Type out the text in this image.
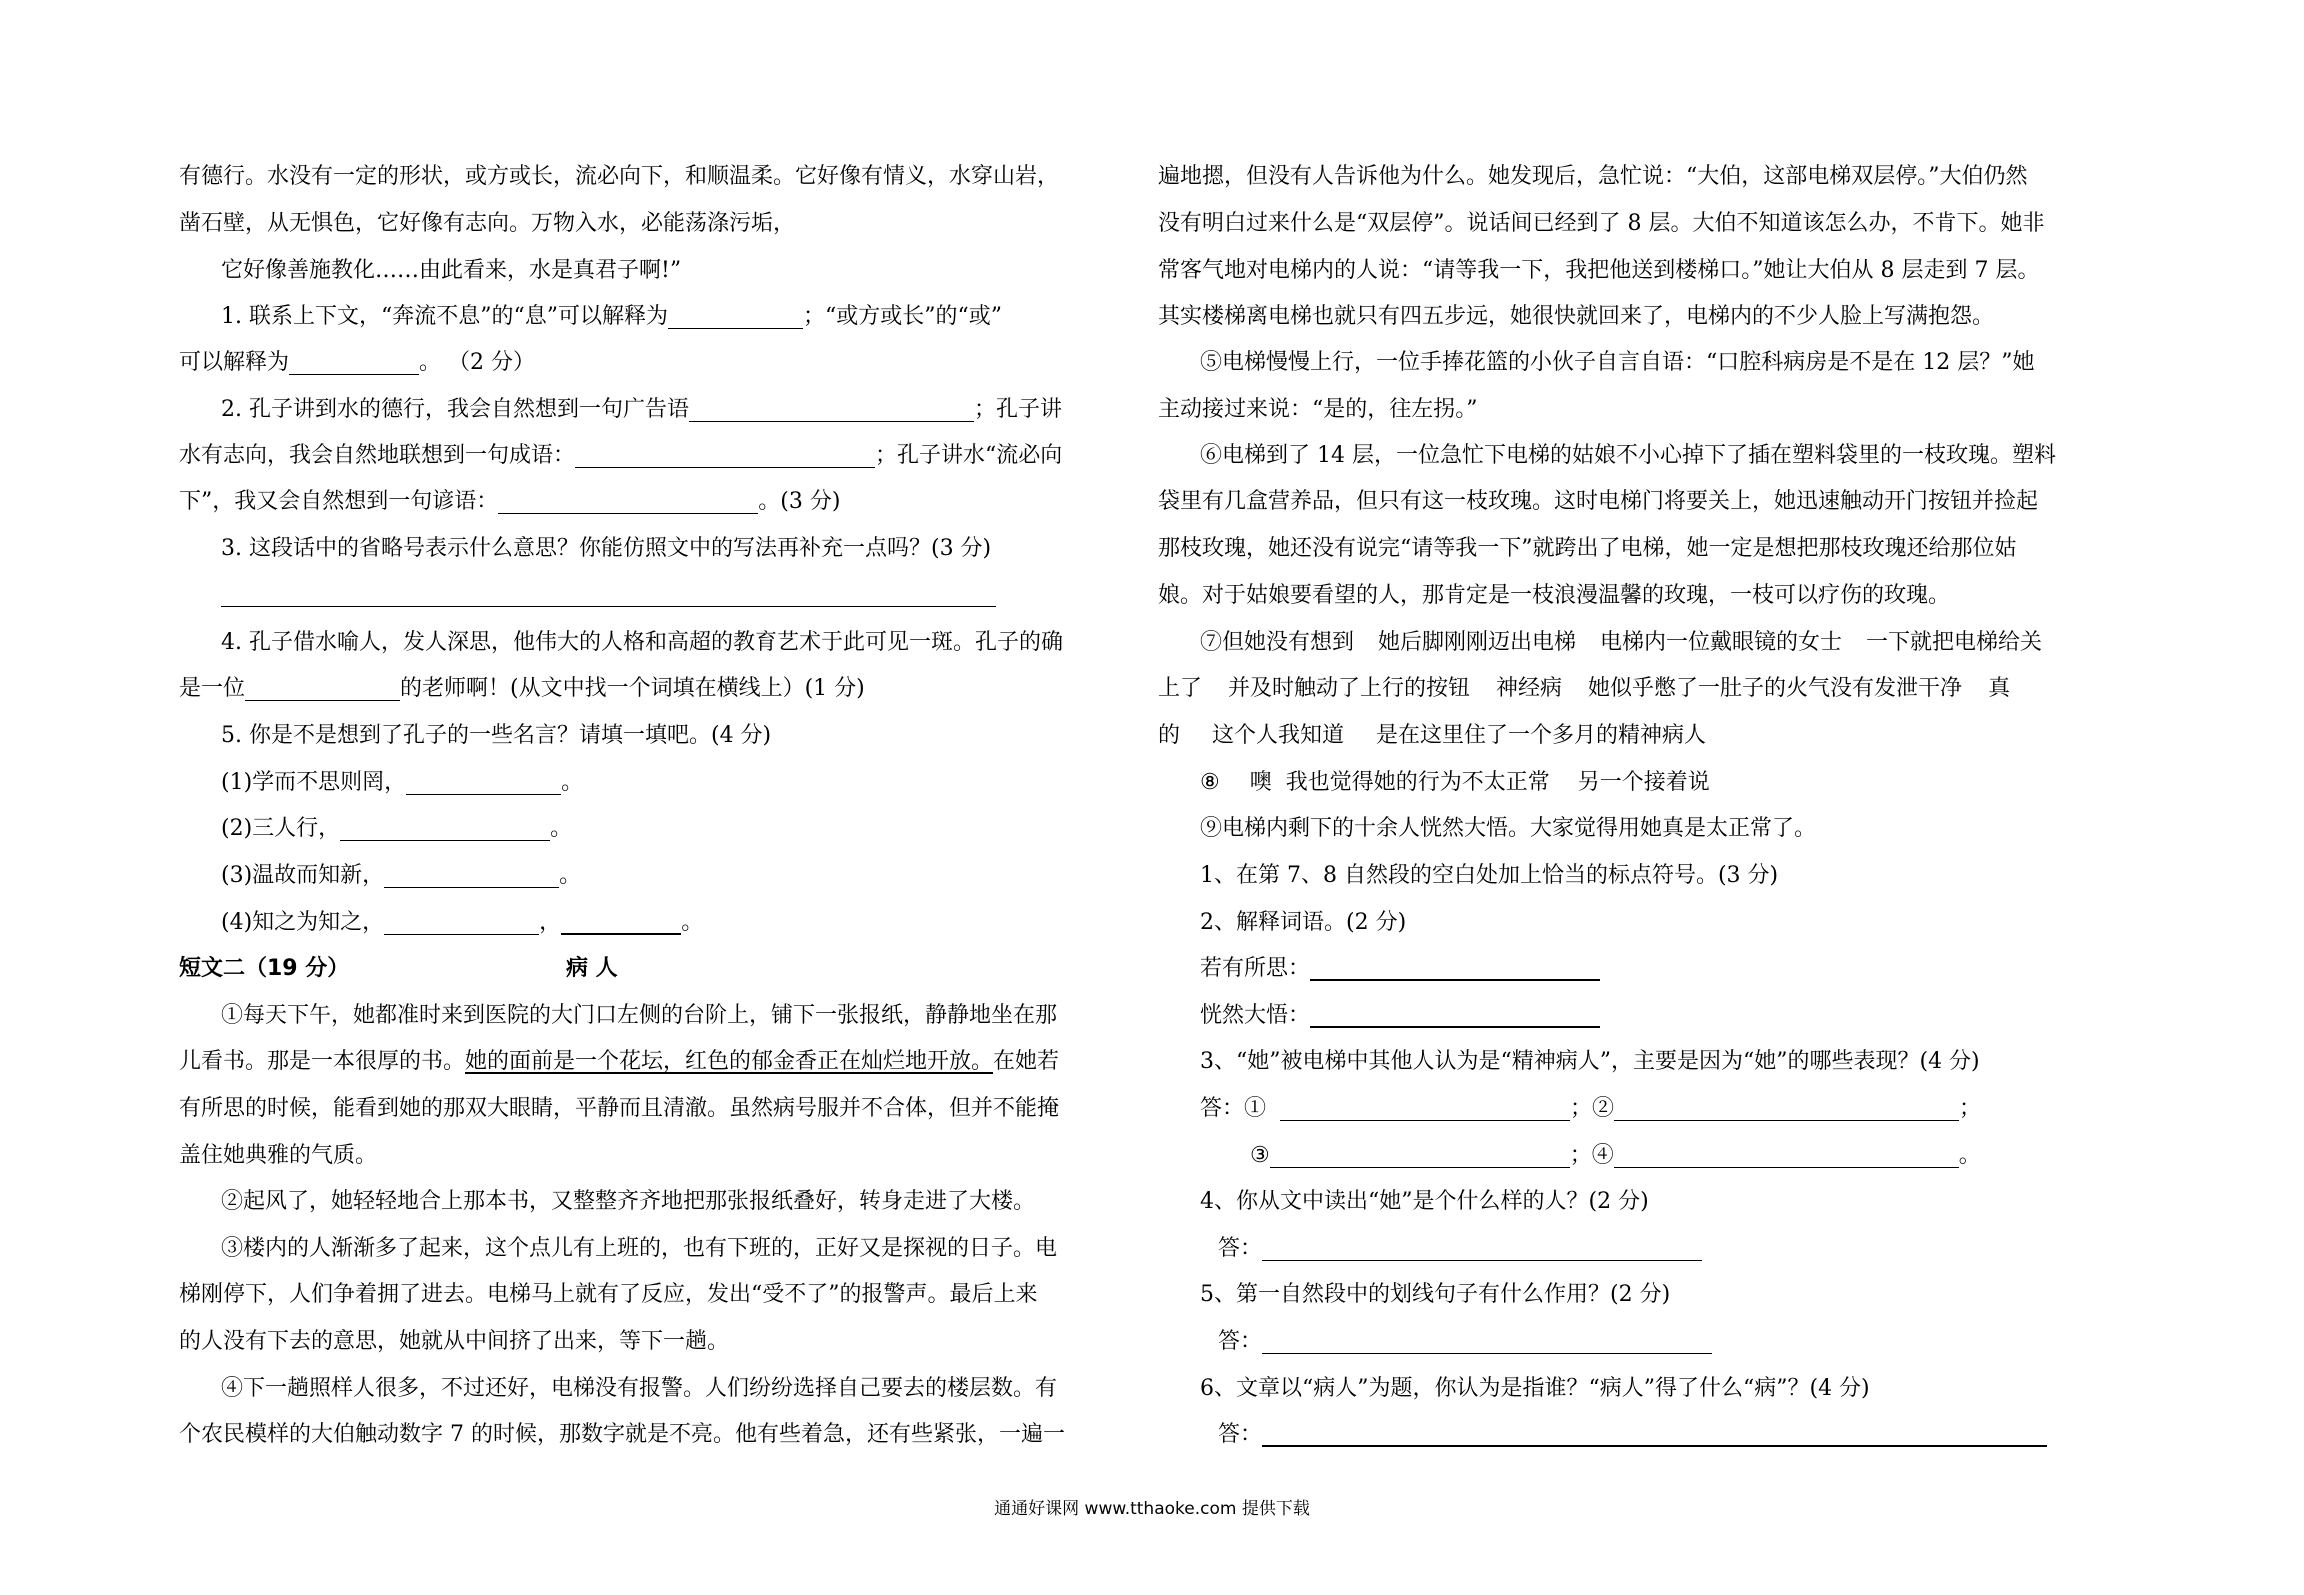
有德行。水没有一定的形状，或方或长，流必向下，和顺温柔。它好像有情义，水穿山岩，
凿石壁，从无惧色，它好像有志向。万物入水，必能荡涤污垢，
它好像善施教化……由此看来，水是真君子啊!”
1. 联系上下文，“奔流不息”的“息”可以解释为	；“或方或长”的“或”
可以解释为	。 （2 分）
2. 孔子讲到水的德行，我会自然想到一句广告语	；孔子讲
水有志向，我会自然地联想到一句成语：	；孔子讲水“流必向
下”，我又会自然想到一句谚语：	。(3 分)
3. 这段话中的省略号表示什么意思？你能仿照文中的写法再补充一点吗？(3 分)
4. 孔子借水喻人，发人深思，他伟大的人格和高超的教育艺术于此可见一斑。孔子的确
是一位	的老师啊！(从文中找一个词填在横线上）(1 分)
5. 你是不是想到了孔子的一些名言？请填一填吧。(4 分)
(1)学而不思则罔，	。
(2)三人行，	。
(3)温故而知新，	。
(4)知之为知之，	，	。
短文二（19 分）	病 人
①每天下午，她都准时来到医院的大门口左侧的台阶上，铺下一张报纸，静静地坐在那
儿看书。那是一本很厚的书。她的面前是一个花坛，红色的郁金香正在灿烂地开放。在她若
有所思的时候，能看到她的那双大眼睛，平静而且清澈。虽然病号服并不合体，但并不能掩
盖住她典雅的气质。
②起风了，她轻轻地合上那本书，又整整齐齐地把那张报纸叠好，转身走进了大楼。
③楼内的人渐渐多了起来，这个点儿有上班的，也有下班的，正好又是探视的日子。电
梯刚停下，人们争着拥了进去。电梯马上就有了反应，发出“受不了”的报警声。最后上来
的人没有下去的意思，她就从中间挤了出来，等下一趟。
④下一趟照样人很多，不过还好，电梯没有报警。人们纷纷选择自己要去的楼层数。有
个农民模样的大伯触动数字 7 的时候，那数字就是不亮。他有些着急，还有些紧张，一遍一
遍地摁，但没有人告诉他为什么。她发现后，急忙说：“大伯，这部电梯双层停。”大伯仍然
没有明白过来什么是“双层停”。说话间已经到了 8 层。大伯不知道该怎么办，不肯下。她非
常客气地对电梯内的人说：“请等我一下，我把他送到楼梯口。”她让大伯从 8 层走到 7 层。
其实楼梯离电梯也就只有四五步远，她很快就回来了，电梯内的不少人脸上写满抱怨。
⑤电梯慢慢上行，一位手捧花篮的小伙子自言自语：“口腔科病房是不是在 12 层？”她
主动接过来说：“是的，往左拐。”
⑥电梯到了 14 层，一位急忙下电梯的姑娘不小心掉下了插在塑料袋里的一枝玫瑰。塑料
袋里有几盒营养品，但只有这一枝玫瑰。这时电梯门将要关上，她迅速触动开门按钮并捡起
那枝玫瑰，她还没有说完“请等我一下”就跨出了电梯，她一定是想把那枝玫瑰还给那位姑
娘。对于姑娘要看望的人，那肯定是一枝浪漫温馨的玫瑰，一枝可以疗伤的玫瑰。
⑦但她没有想到 她后脚刚刚迈出电梯 电梯内一位戴眼镜的女士 一下就把电梯给关
上了 并及时触动了上行的按钮 神经病 她似乎憋了一肚子的火气没有发泄干净 真
的 这个人我知道 是在这里住了一个多月的精神病人
⑧ 噢 我也觉得她的行为不太正常 另一个接着说
⑨电梯内剩下的十余人恍然大悟。大家觉得用她真是太正常了。
1、在第 7、8 自然段的空白处加上恰当的标点符号。(3 分)
2、解释词语。(2 分)
若有所思：
恍然大悟：
3、“她”被电梯中其他人认为是“精神病人”，主要是因为“她”的哪些表现？(4 分)
答：①	；②	；
③	；④	。
4、你从文中读出“她”是个什么样的人？(2 分)
答：
5、第一自然段中的划线句子有什么作用？(2 分)
答：
6、文章以“病人”为题，你认为是指谁？“病人”得了什么“病”？(4 分)
答：
通通好课网 www.tthaoke.com 提供下载
